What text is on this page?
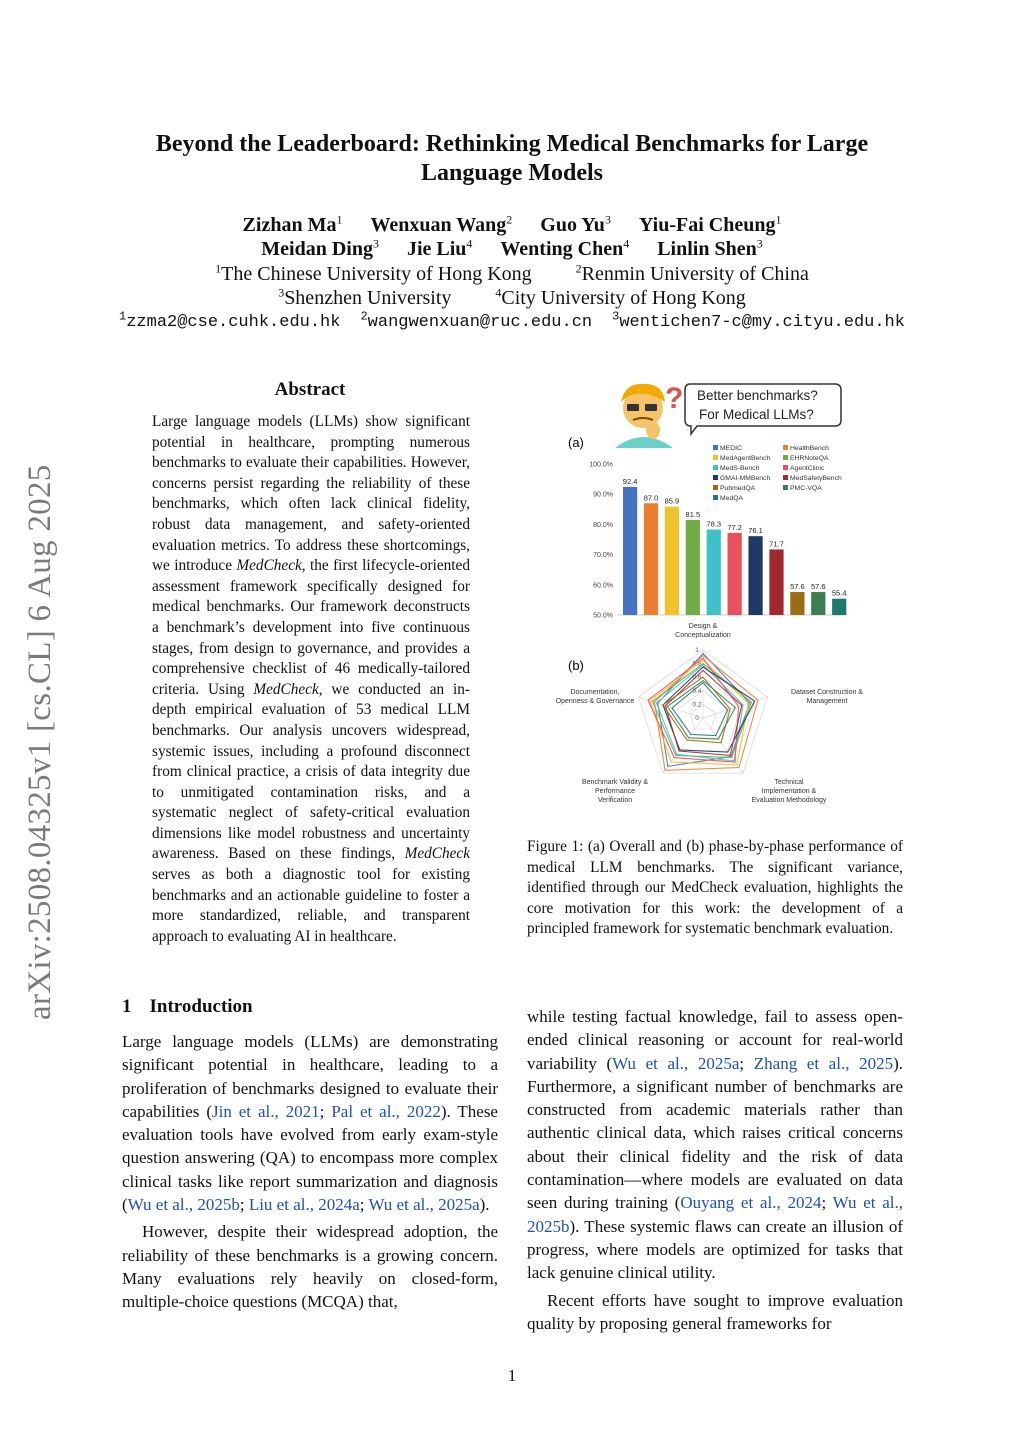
Beyond the Leaderboard: Rethinking Medical Benchmarks for Large
Language Models
Zizhan Ma$^1$ Wenxuan Wang$^2$ Guo Yu$^3$ Yiu-Fai Cheung$^1$
Meidan Ding$^3$ Jie Liu$^4$ Wenting Chen$^4$ Linlin Shen$^3$
$^1$The Chinese University of Hong Kong	$^2$Renmin University of China
$^3$Shenzhen University	$^4$City University of Hong Kong
$^1$zzma2@cse.cuhk.edu.hk $^2$wangwenxuan@ruc.edu.cn $^3$wentichen7-c@my.cityu.edu.hk
arXiv:2508.04325v1 [cs.CL] 6 Aug 2025
Abstract
Large language models (LLMs) show significant potential in healthcare, prompting numerous benchmarks to evaluate their capabilities. However, concerns persist regarding the reliability of these benchmarks, which often lack clinical fidelity, robust data management, and safety-oriented evaluation metrics. To address these shortcomings, we introduce MedCheck, the first lifecycle-oriented assessment framework specifically designed for medical benchmarks. Our framework deconstructs a benchmark’s development into five continuous stages, from design to governance, and provides a comprehensive checklist of 46 medically-tailored criteria. Using MedCheck, we conducted an in-depth empirical evaluation of 53 medical LLM benchmarks. Our analysis uncovers widespread, systemic issues, including a profound disconnect from clinical practice, a crisis of data integrity due to unmitigated contamination risks, and a systematic neglect of safety-critical evaluation dimensions like model robustness and uncertainty awareness. Based on these findings, MedCheck serves as both a diagnostic tool for existing benchmarks and an actionable guideline to foster a more standardized, reliable, and transparent approach to evaluating AI in healthcare.
1 Introduction

Large language models (LLMs) are demonstrating significant potential in healthcare, leading to a proliferation of benchmarks designed to evaluate their capabilities (Jin et al., 2021; Pal et al., 2022). These evaluation tools have evolved from early exam-style question answering (QA) to encompass more complex clinical tasks like report summarization and diagnosis (Wu et al., 2025b; Liu et al., 2024a; Wu et al., 2025a).

However, despite their widespread adoption, the reliability of these benchmarks is a growing concern. Many evaluations rely heavily on closed-form, multiple-choice questions (MCQA) that,

while testing factual knowledge, fail to assess open-ended clinical reasoning or account for real-world variability (Wu et al., 2025a; Zhang et al., 2025). Furthermore, a significant number of benchmarks are constructed from academic materials rather than authentic clinical data, which raises critical concerns about their clinical fidelity and the risk of data contamination—where models are evaluated on data seen during training (Ouyang et al., 2024; Wu et al., 2025b). These systemic flaws can create an illusion of progress, where models are optimized for tasks that lack genuine clinical utility.

Recent efforts have sought to improve evaluation quality by proposing general frameworks for

? Better benchmarks?
For Medical LLMs?
(a)
(b)
50.0%
60.0%
70.0%
80.0%
90.0%
100.0%
92.4
87.0 85.9
81.5
78.3 77.2 76.1
71.7
57.6 57.6
55.4
MEDIC	HealthBench
MedAgentBench	EHRNoteQA
MedS-Bench	AgentClinic
GMAI-MMBench	MedSafetyBench
PubmedQA	PMC-VQA
MedQA
0
0.2
0.4
0.6
0.8
1
Design &
Conceptualization
Dataset Construction &
Management
Technical
Implementation &
Evaluation Methodology
Benchmark Validity &
Performance
Verification
Documentation,
Openness & Governance
Figure 1: (a) Overall and (b) phase-by-phase performance of medical LLM benchmarks. The significant variance, identified through our MedCheck evaluation, highlights the core motivation for this work: the development of a principled framework for systematic benchmark evaluation.
1
